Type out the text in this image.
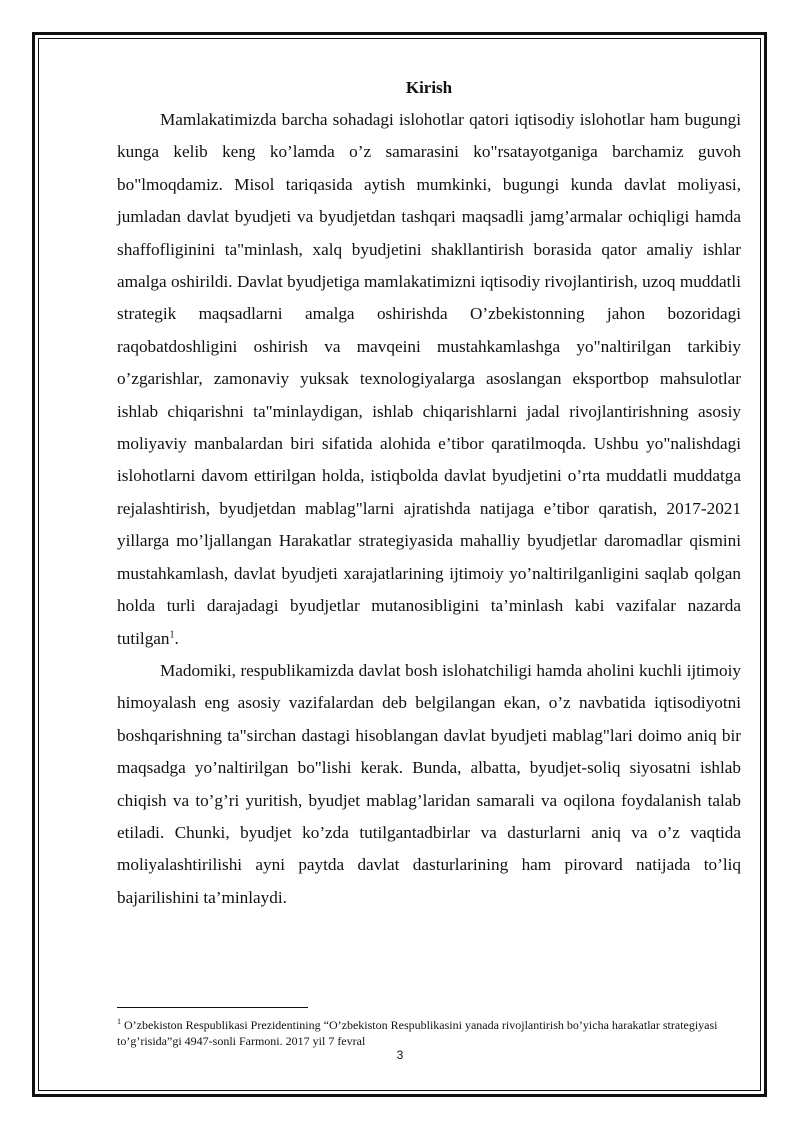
Kirish

Mamlakatimizda barcha sohadagi islohotlar qatori iqtisodiy islohotlar ham bugungi kunga kelib keng ko’lamda o’z samarasini ko"rsatayotganiga barchamiz guvoh bo"lmoqdamiz. Misol tariqasida aytish mumkinki, bugungi kunda davlat moliyasi, jumladan davlat byudjeti va byudjetdan tashqari maqsadli jamg’armalar ochiqligi hamda shaffofliginini ta"minlash, xalq byudjetini shakllantirish borasida qator amaliy ishlar amalga oshirildi. Davlat byudjetiga mamlakatimizni iqtisodiy rivojlantirish, uzoq muddatli strategik maqsadlarni amalga oshirishda O’zbekistonning jahon bozoridagi raqobatdoshligini oshirish va mavqeini mustahkamlashga yo"naltirilgan tarkibiy o’zgarishlar, zamonaviy yuksak texnologiyalarga asoslangan eksportbop mahsulotlar ishlab chiqarishni ta"minlaydigan, ishlab chiqarishlarni jadal rivojlantirishning asosiy moliyaviy manbalardan biri sifatida alohida e’tibor qaratilmoqda. Ushbu yo"nalishdagi islohotlarni davom ettirilgan holda, istiqbolda davlat byudjetini o’rta muddatli muddatga rejalashtirish, byudjetdan mablag"larni ajratishda natijaga e’tibor qaratish, 2017-2021 yillarga mo’ljallangan Harakatlar strategiyasida mahalliy byudjetlar daromadlar qismini mustahkamlash, davlat byudjeti xarajatlarining ijtimoiy yo’naltirilganligini saqlab qolgan holda turli darajadagi byudjetlar mutanosibligini ta’minlash kabi vazifalar nazarda tutilgan$^1$.

Madomiki, respublikamizda davlat bosh islohatchiligi hamda aholini kuchli ijtimoiy himoyalash eng asosiy vazifalardan deb belgilangan ekan, o’z navbatida iqtisodiyotni boshqarishning ta"sirchan dastagi hisoblangan davlat byudjeti mablag"lari doimo aniq bir maqsadga yo’naltirilgan bo"lishi kerak. Bunda, albatta, byudjet-soliq siyosatni ishlab chiqish va to’g’ri yuritish, byudjet mablag’laridan samarali va oqilona foydalanish talab etiladi. Chunki, byudjet ko’zda tutilgantadbirlar va dasturlarni aniq va o’z vaqtida moliyalashtirilishi ayni paytda davlat dasturlarining ham pirovard natijada to’liq bajarilishini ta’minlaydi.

$^1$ O’zbekiston Respublikasi Prezidentining “O’zbekiston Respublikasini yanada rivojlantirish bo’yicha harakatlar strategiyasi to’g’risida”gi 4947-sonli Farmoni. 2017 yil 7 fevral

3
